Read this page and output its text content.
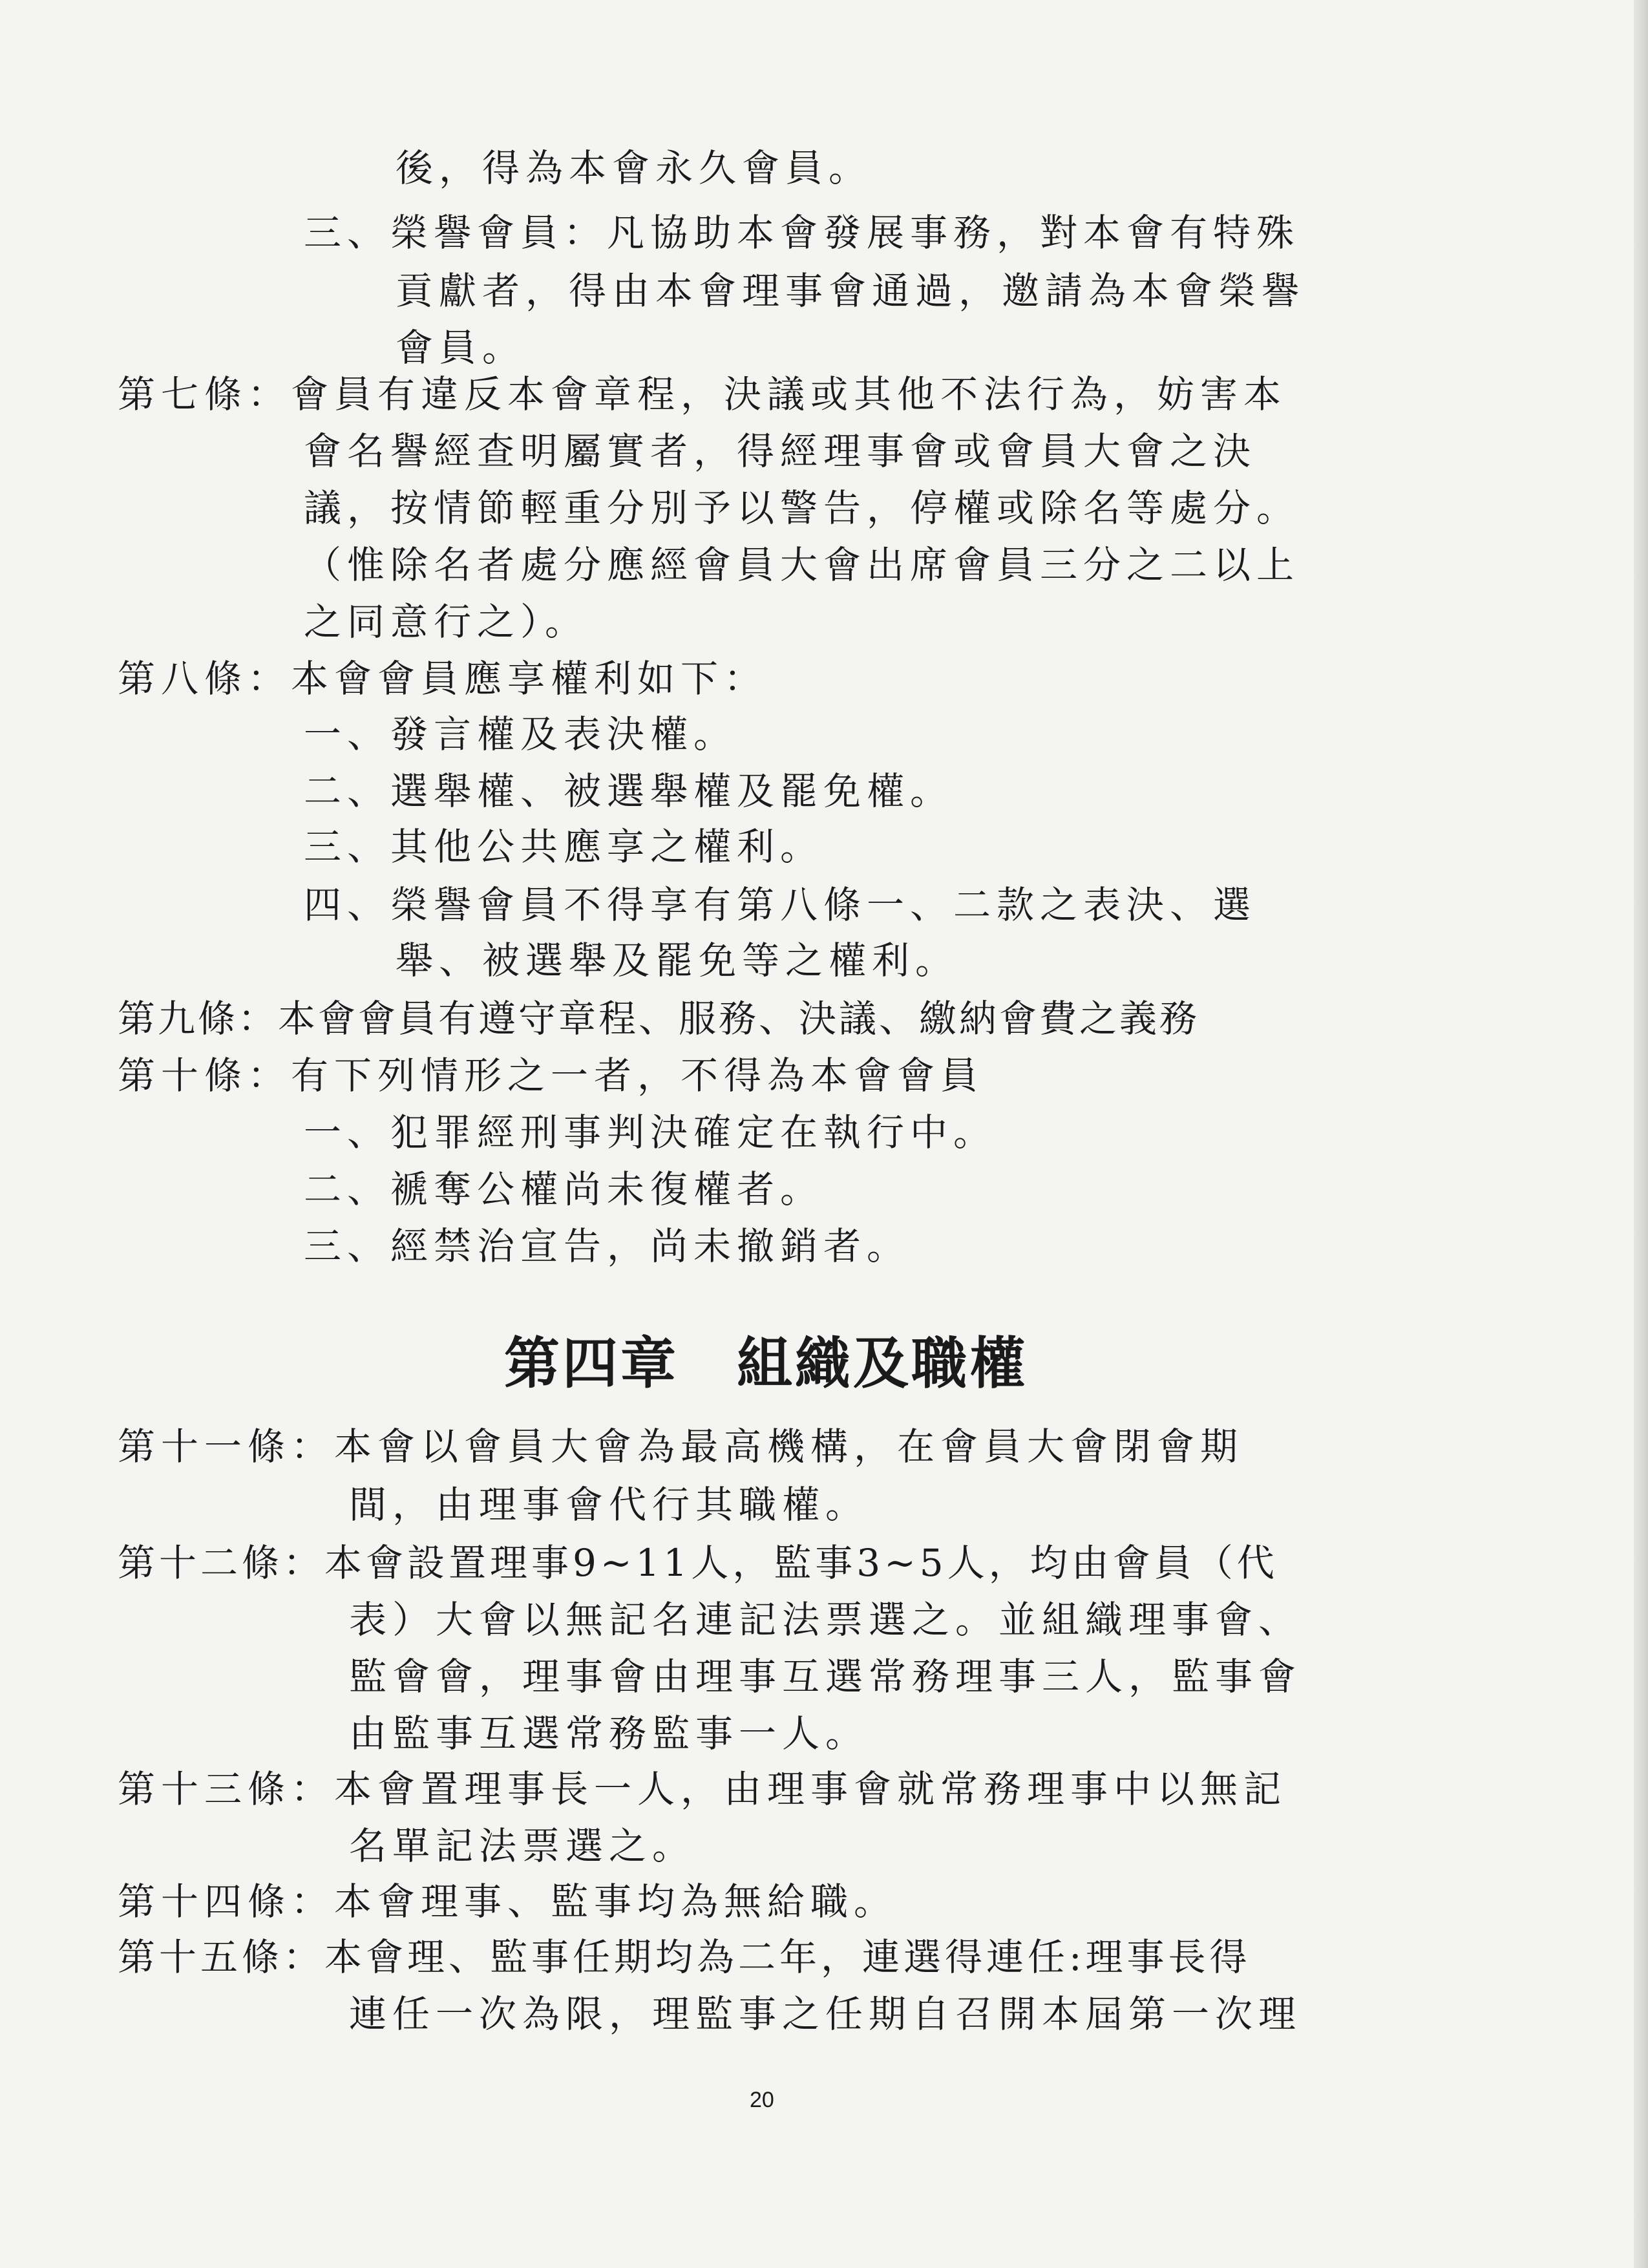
後，得為本會永久會員。

三、榮譽會員：凡協助本會發展事務，對本會有特殊

貢獻者，得由本會理事會通過，邀請為本會榮譽

會員。

第七條：會員有違反本會章程，決議或其他不法行為，妨害本

會名譽經查明屬實者，得經理事會或會員大會之決

議，按情節輕重分別予以警告，停權或除名等處分。

（惟除名者處分應經會員大會出席會員三分之二以上

之同意行之）。

第八條：本會會員應享權利如下：

一、發言權及表決權。

二、選舉權、被選舉權及罷免權。

三、其他公共應享之權利。

四、榮譽會員不得享有第八條一、二款之表決、選

舉、被選舉及罷免等之權利。

第九條：本會會員有遵守章程、服務、決議、繳納會費之義務

第十條：有下列情形之一者，不得為本會會員

一、犯罪經刑事判決確定在執行中。

二、褫奪公權尚未復權者。

三、經禁治宣告，尚未撤銷者。

第四章　組織及職權

第十一條：本會以會員大會為最高機構，在會員大會閉會期

間，由理事會代行其職權。

第十二條：本會設置理事9~11人，監事3~5人，均由會員（代

表）大會以無記名連記法票選之。並組織理事會、

監會會，理事會由理事互選常務理事三人，監事會

由監事互選常務監事一人。

第十三條：本會置理事長一人，由理事會就常務理事中以無記

名單記法票選之。

第十四條：本會理事、監事均為無給職。

第十五條：本會理、監事任期均為二年，連選得連任:理事長得

連任一次為限，理監事之任期自召開本屆第一次理

20
